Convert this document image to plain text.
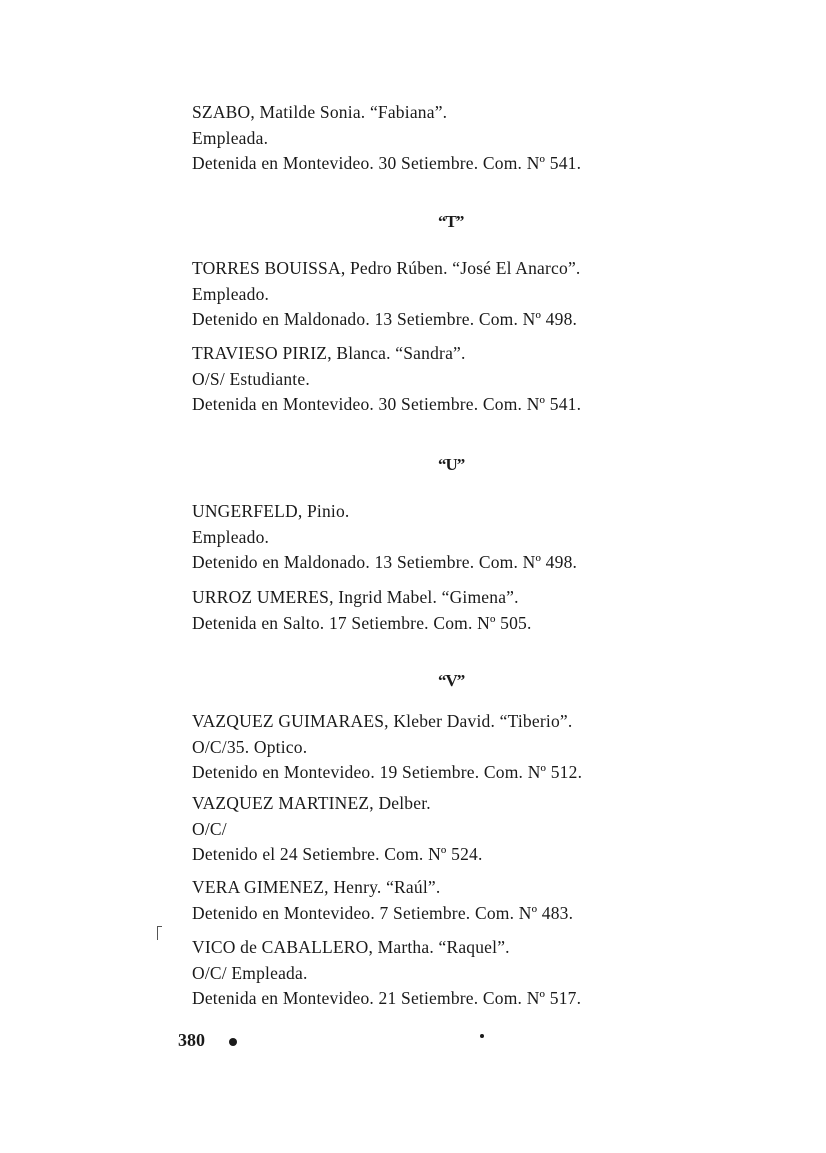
SZABO, Matilde Sonia. “Fabiana”.
Empleada.
Detenida en Montevideo. 30 Setiembre. Com. Nº 541.
“T”
TORRES BOUISSA, Pedro Rúben. “José El Anarco”.
Empleado.
Detenido en Maldonado. 13 Setiembre. Com. Nº 498.
TRAVIESO PIRIZ, Blanca. “Sandra”.
O/S/ Estudiante.
Detenida en Montevideo. 30 Setiembre. Com. Nº 541.
“U”
UNGERFELD, Pinio.
Empleado.
Detenido en Maldonado. 13 Setiembre. Com. Nº 498.
URROZ UMERES, Ingrid Mabel. “Gimena”.
Detenida en Salto. 17 Setiembre. Com. Nº 505.
“V”
VAZQUEZ GUIMARAES, Kleber David. “Tiberio”.
O/C/35. Optico.
Detenido en Montevideo. 19 Setiembre. Com. Nº 512.
VAZQUEZ MARTINEZ, Delber.
O/C/
Detenido el 24 Setiembre. Com. Nº 524.
VERA GIMENEZ, Henry. “Raúl”.
Detenido en Montevideo. 7 Setiembre. Com. Nº 483.
VICO de CABALLERO, Martha. “Raquel”.
O/C/ Empleada.
Detenida en Montevideo. 21 Setiembre. Com. Nº 517.
380
